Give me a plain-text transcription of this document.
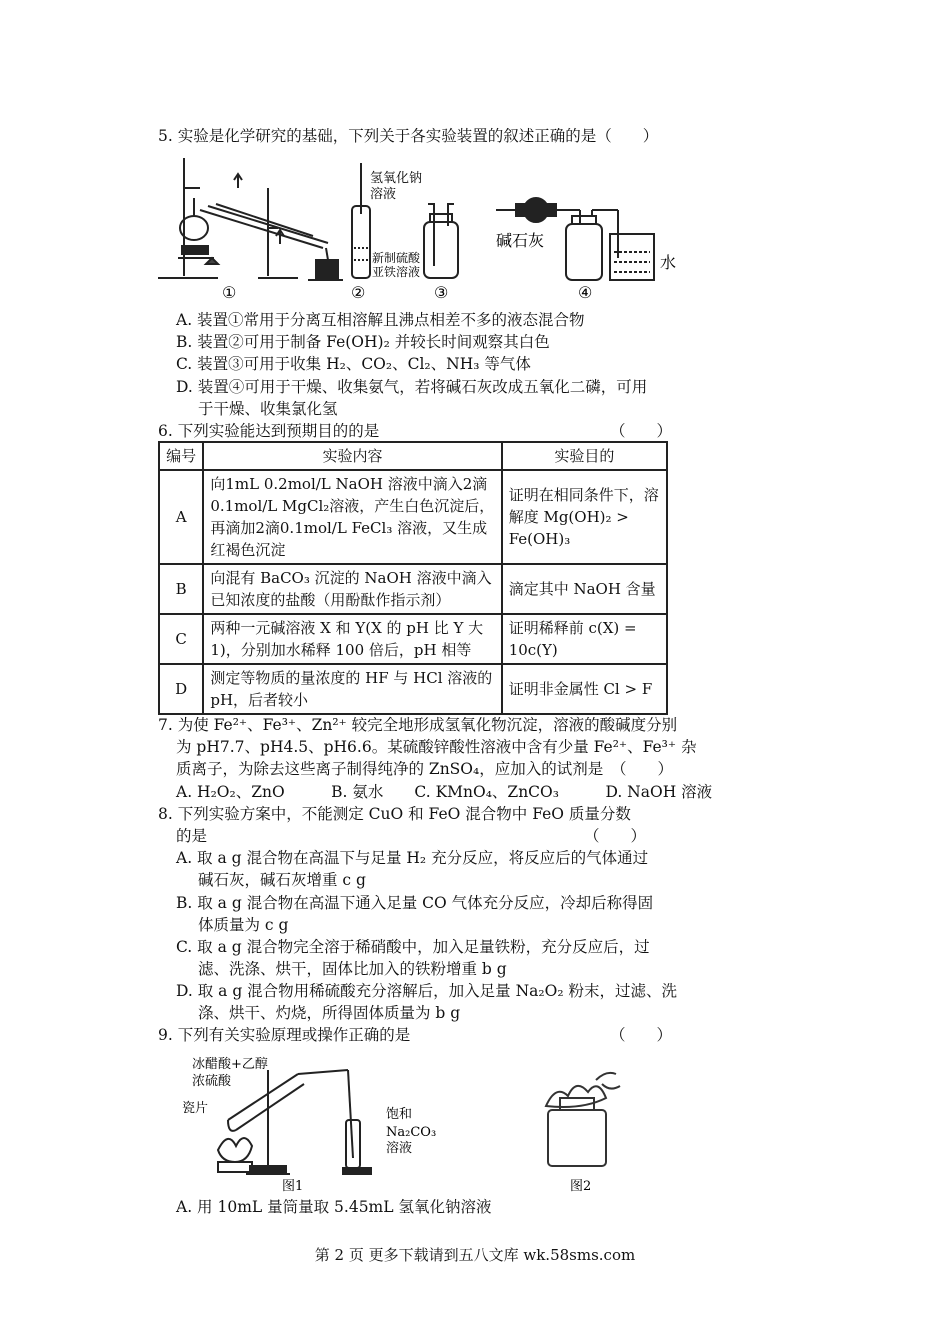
5. 实验是化学研究的基础，下列关于各实验装置的叙述正确的是（　　）
氢氧化钠
溶液
新制硫酸
亚铁溶液
碱石灰
水
①	②	③	④
A. 装置①常用于分离互相溶解且沸点相差不多的液态混合物
B. 装置②可用于制备 Fe(OH)₂ 并较长时间观察其白色
C. 装置③可用于收集 H₂、CO₂、Cl₂、NH₃ 等气体
D. 装置④可用于干燥、收集氨气，若将碱石灰改成五氧化二磷，可用
于干燥、收集氯化氢
6. 下列实验能达到预期目的的是	（　　）
编号	实验内容	实验目的
A	向1mL 0.2mol/L NaOH 溶液中滴入2滴0.1mol/L MgCl₂溶液，产生白色沉淀后，再滴加2滴0.1mol/L FeCl₃ 溶液，又生成红褐色沉淀	证明在相同条件下，溶解度 Mg(OH)₂ > Fe(OH)₃
B	向混有 BaCO₃ 沉淀的 NaOH 溶液中滴入已知浓度的盐酸（用酚酞作指示剂）	滴定其中 NaOH 含量
C	两种一元碱溶液 X 和 Y(X 的 pH 比 Y 大1)，分别加水稀释 100 倍后，pH 相等	证明稀释前 c(X) = 10c(Y)
D	测定等物质的量浓度的 HF 与 HCl 溶液的pH，后者较小	证明非金属性 Cl > F
7. 为使 Fe²⁺、Fe³⁺、Zn²⁺ 较完全地形成氢氧化物沉淀，溶液的酸碱度分别
为 pH7.7、pH4.5、pH6.6。某硫酸锌酸性溶液中含有少量 Fe²⁺、Fe³⁺ 杂
质离子，为除去这些离子制得纯净的 ZnSO₄，应加入的试剂是　（　　）
A. H₂O₂、ZnO　　　B. 氨水　　C. KMnO₄、ZnCO₃　　　D. NaOH 溶液
8. 下列实验方案中，不能测定 CuO 和 FeO 混合物中 FeO 质量分数
的是	（　　）
A. 取 a g 混合物在高温下与足量 H₂ 充分反应，将反应后的气体通过
碱石灰，碱石灰增重 c g
B. 取 a g 混合物在高温下通入足量 CO 气体充分反应，冷却后称得固
体质量为 c g
C. 取 a g 混合物完全溶于稀硝酸中，加入足量铁粉，充分反应后，过
滤、洗涤、烘干，固体比加入的铁粉增重 b g
D. 取 a g 混合物用稀硫酸充分溶解后，加入足量 Na₂O₂ 粉末，过滤、洗
涤、烘干、灼烧，所得固体质量为 b g
9. 下列有关实验原理或操作正确的是	（　　）
冰醋酸+乙醇
浓硫酸
瓷片	饱和
Na₂CO₃
溶液
图1	图2
A. 用 10mL 量筒量取 5.45mL 氢氧化钠溶液
第 2 页 更多下载请到五八文库 wk.58sms.com
